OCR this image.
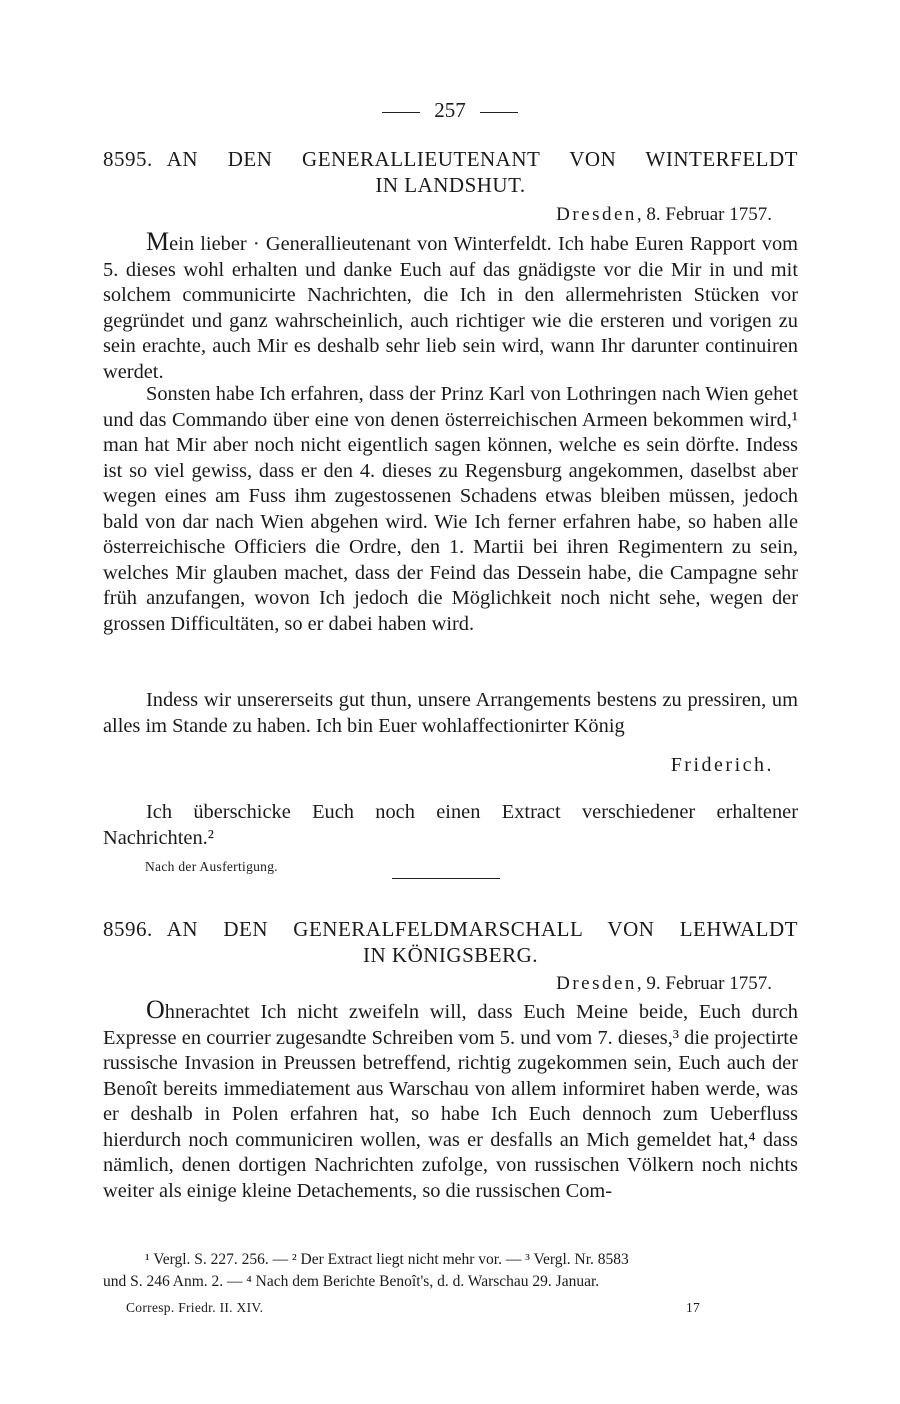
257
8595. AN DEN GENERALLIEUTENANT VON WINTERFELDT
IN LANDSHUT.
Dresden, 8. Februar 1757.
Mein lieber · Generallieutenant von Winterfeldt. Ich habe Euren Rapport vom 5. dieses wohl erhalten und danke Euch auf das gnädigste vor die Mir in und mit solchem communicirte Nachrichten, die Ich in den allermehristen Stücken vor gegründet und ganz wahrscheinlich, auch richtiger wie die ersteren und vorigen zu sein erachte, auch Mir es deshalb sehr lieb sein wird, wann Ihr darunter continuiren werdet.
Sonsten habe Ich erfahren, dass der Prinz Karl von Lothringen nach Wien gehet und das Commando über eine von denen österreichischen Armeen bekommen wird,¹ man hat Mir aber noch nicht eigentlich sagen können, welche es sein dörfte. Indess ist so viel gewiss, dass er den 4. dieses zu Regensburg angekommen, daselbst aber wegen eines am Fuss ihm zugestossenen Schadens etwas bleiben müssen, jedoch bald von dar nach Wien abgehen wird. Wie Ich ferner erfahren habe, so haben alle österreichische Officiers die Ordre, den 1. Martii bei ihren Regimentern zu sein, welches Mir glauben machet, dass der Feind das Dessein habe, die Campagne sehr früh anzufangen, wovon Ich jedoch die Möglichkeit noch nicht sehe, wegen der grossen Difficultäten, so er dabei haben wird.
Indess wir unsererseits gut thun, unsere Arrangements bestens zu pressiren, um alles im Stande zu haben. Ich bin Euer wohlaffectionirter König
Friderich.
Ich überschicke Euch noch einen Extract verschiedener erhaltener Nachrichten.²
Nach der Ausfertigung.
8596. AN DEN GENERALFELDMARSCHALL VON LEHWALDT
IN KÖNIGSBERG.
Dresden, 9. Februar 1757.
Ohnerachtet Ich nicht zweifeln will, dass Euch Meine beide, Euch durch Expresse en courrier zugesandte Schreiben vom 5. und vom 7. dieses,³ die projectirte russische Invasion in Preussen betreffend, richtig zugekommen sein, Euch auch der Benoît bereits immediatement aus Warschau von allem informiret haben werde, was er deshalb in Polen erfahren hat, so habe Ich Euch dennoch zum Ueberfluss hierdurch noch communiciren wollen, was er desfalls an Mich gemeldet hat,⁴ dass nämlich, denen dortigen Nachrichten zufolge, von russischen Völkern noch nichts weiter als einige kleine Detachements, so die russischen Com-
¹ Vergl. S. 227. 256. — ² Der Extract liegt nicht mehr vor. — ³ Vergl. Nr. 8583
und S. 246 Anm. 2. — ⁴ Nach dem Berichte Benoît's, d. d. Warschau 29. Januar.
Corresp. Friedr. II. XIV.	17
